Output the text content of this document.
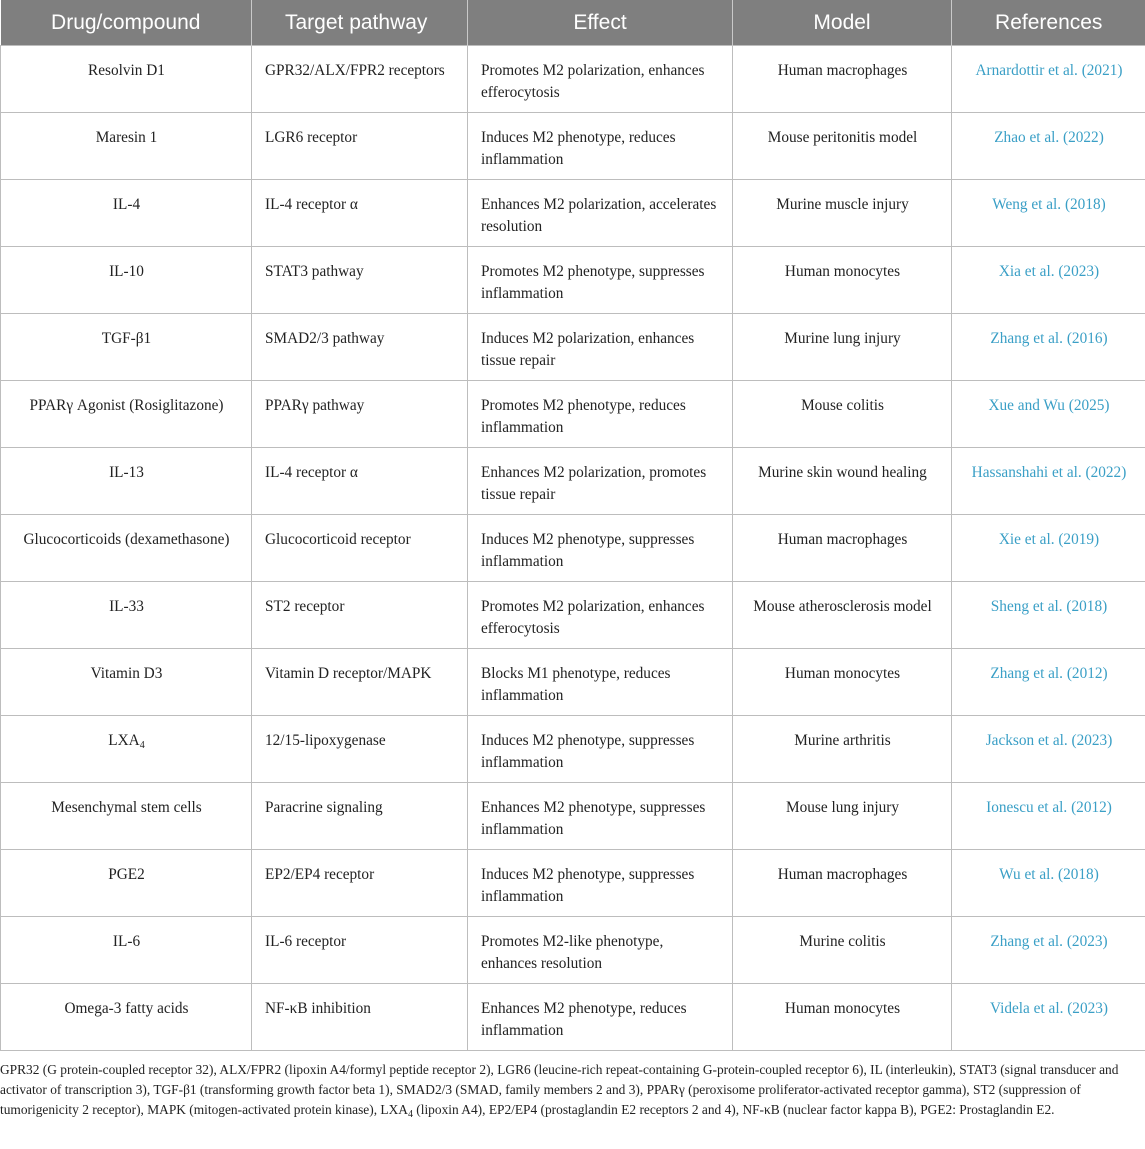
Drug/compound	Target pathway	Effect	Model	References
Resolvin D1	GPR32/ALX/FPR2 receptors	Promotes M2 polarization, enhances efferocytosis	Human macrophages	Arnardottir et al. (2021)
Maresin 1	LGR6 receptor	Induces M2 phenotype, reduces inflammation	Mouse peritonitis model	Zhao et al. (2022)
IL-4	IL-4 receptor α	Enhances M2 polarization, accelerates resolution	Murine muscle injury	Weng et al. (2018)
IL-10	STAT3 pathway	Promotes M2 phenotype, suppresses inflammation	Human monocytes	Xia et al. (2023)
TGF-β1	SMAD2/3 pathway	Induces M2 polarization, enhances tissue repair	Murine lung injury	Zhang et al. (2016)
PPARγ Agonist (Rosiglitazone)	PPARγ pathway	Promotes M2 phenotype, reduces inflammation	Mouse colitis	Xue and Wu (2025)
IL-13	IL-4 receptor α	Enhances M2 polarization, promotes tissue repair	Murine skin wound healing	Hassanshahi et al. (2022)
Glucocorticoids (dexamethasone)	Glucocorticoid receptor	Induces M2 phenotype, suppresses inflammation	Human macrophages	Xie et al. (2019)
IL-33	ST2 receptor	Promotes M2 polarization, enhances efferocytosis	Mouse atherosclerosis model	Sheng et al. (2018)
Vitamin D3	Vitamin D receptor/MAPK	Blocks M1 phenotype, reduces inflammation	Human monocytes	Zhang et al. (2012)
$LXA_4$	12/15-lipoxygenase	Induces M2 phenotype, suppresses inflammation	Murine arthritis	Jackson et al. (2023)
Mesenchymal stem cells	Paracrine signaling	Enhances M2 phenotype, suppresses inflammation	Mouse lung injury	Ionescu et al. (2012)
PGE2	EP2/EP4 receptor	Induces M2 phenotype, suppresses inflammation	Human macrophages	Wu et al. (2018)
IL-6	IL-6 receptor	Promotes M2-like phenotype, enhances resolution	Murine colitis	Zhang et al. (2023)
Omega-3 fatty acids	NF-κB inhibition	Enhances M2 phenotype, reduces inflammation	Human monocytes	Videla et al. (2023)

GPR32 (G protein-coupled receptor 32), ALX/FPR2 (lipoxin A4/formyl peptide receptor 2), LGR6 (leucine-rich repeat-containing G-protein-coupled receptor 6), IL (interleukin), STAT3 (signal transducer and activator of transcription 3), TGF-β1 (transforming growth factor beta 1), SMAD2/3 (SMAD, family members 2 and 3), PPARγ (peroxisome proliferator-activated receptor gamma), ST2 (suppression of tumorigenicity 2 receptor), MAPK (mitogen-activated protein kinase), $LXA_4$ (lipoxin A4), EP2/EP4 (prostaglandin E2 receptors 2 and 4), NF-κB (nuclear factor kappa B), PGE2: Prostaglandin E2.
